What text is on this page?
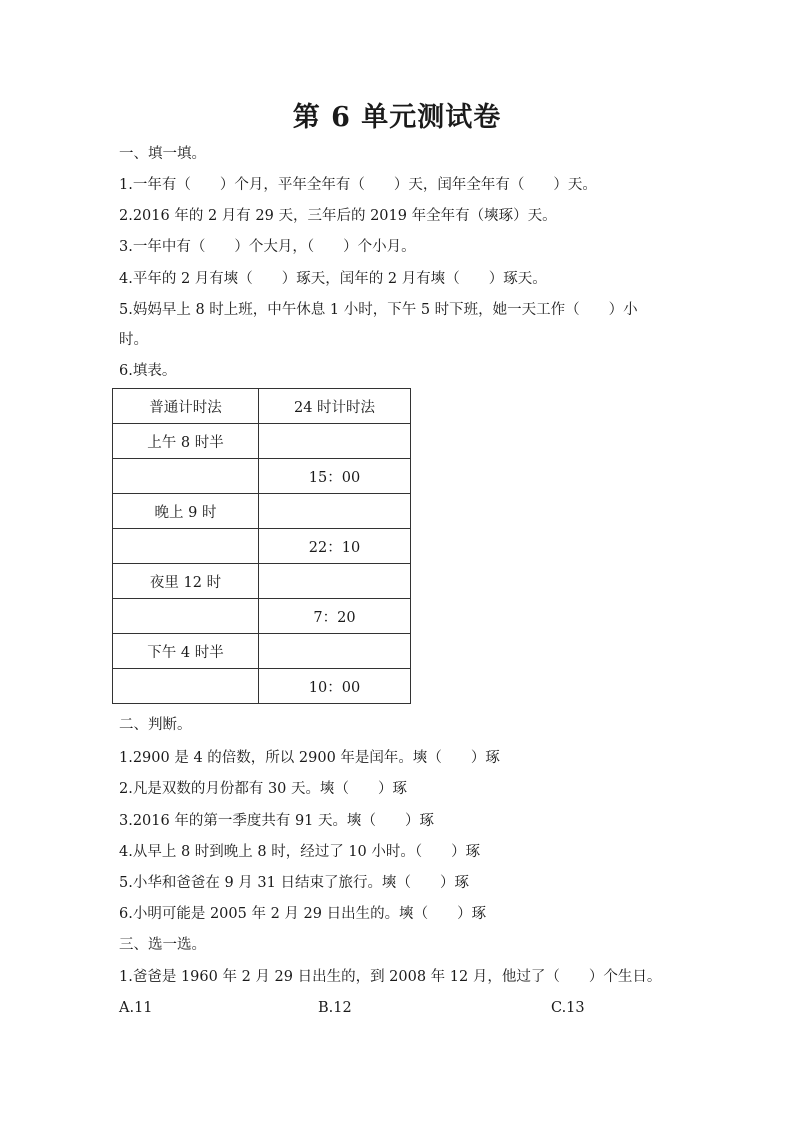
第 6 单元测试卷
一、填一填。
1.一年有（　　）个月，平年全年有（　　）天，闰年全年有（　　）天。
2.2016 年的 2 月有 29 天，三年后的 2019 年全年有（塽琢）天。
3.一年中有（　　）个大月，（　　）个小月。
4.平年的 2 月有塽（　　）琢天，闰年的 2 月有塽（　　）琢天。
5.妈妈早上 8 时上班，中午休息 1 小时，下午 5 时下班，她一天工作（　　）小
时。
6.填表。
普通计时法	24 时计时法
上午 8 时半	
	15：00
晚上 9 时	
	22：10
夜里 12 时	
	7：20
下午 4 时半	
	10：00
二、判断。
1.2900 是 4 的倍数，所以 2900 年是闰年。塽（　　）琢
2.凡是双数的月份都有 30 天。塽（　　）琢
3.2016 年的第一季度共有 91 天。塽（　　）琢
4.从早上 8 时到晚上 8 时，经过了 10 小时。（　　）琢
5.小华和爸爸在 9 月 31 日结束了旅行。塽（　　）琢
6.小明可能是 2005 年 2 月 29 日出生的。塽（　　）琢
三、选一选。
1.爸爸是 1960 年 2 月 29 日出生的，到 2008 年 12 月，他过了（　　）个生日。
A.11	B.12	C.13
